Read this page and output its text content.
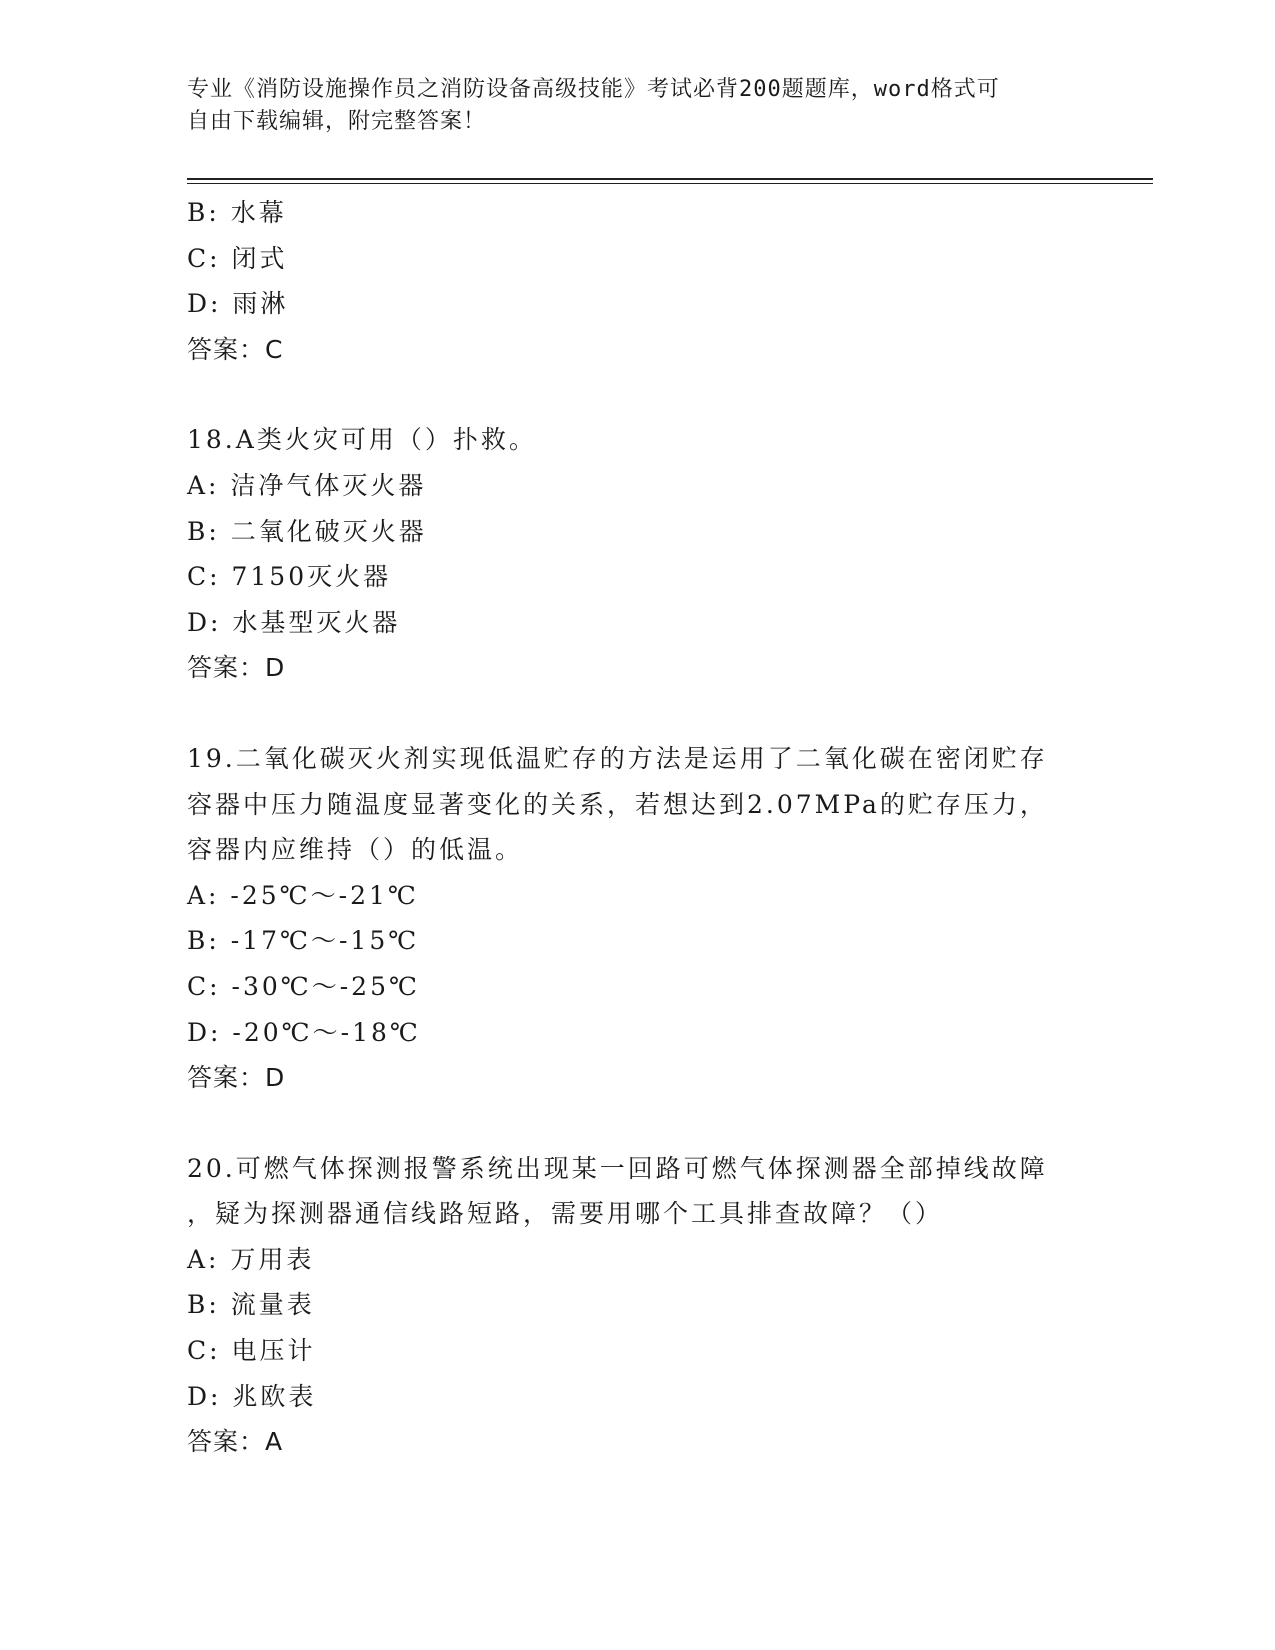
专业《消防设施操作员之消防设备高级技能》考试必背200题题库，word格式可
自由下载编辑，附完整答案！
B: 水幕
C: 闭式
D: 雨淋
答案：C
18.A类火灾可用（）扑救。
A: 洁净气体灭火器
B: 二氧化破灭火器
C: 7150灭火器
D: 水基型灭火器
答案：D
19.二氧化碳灭火剂实现低温贮存的方法是运用了二氧化碳在密闭贮存
容器中压力随温度显著变化的关系，若想达到2.07MPa的贮存压力，
容器内应维持（）的低温。
A: -25℃～-21℃
B: -17℃～-15℃
C: -30℃～-25℃
D: -20℃～-18℃
答案：D
20.可燃气体探测报警系统出现某一回路可燃气体探测器全部掉线故障
，疑为探测器通信线路短路，需要用哪个工具排查故障？（）
A: 万用表
B: 流量表
C: 电压计
D: 兆欧表
答案：A
